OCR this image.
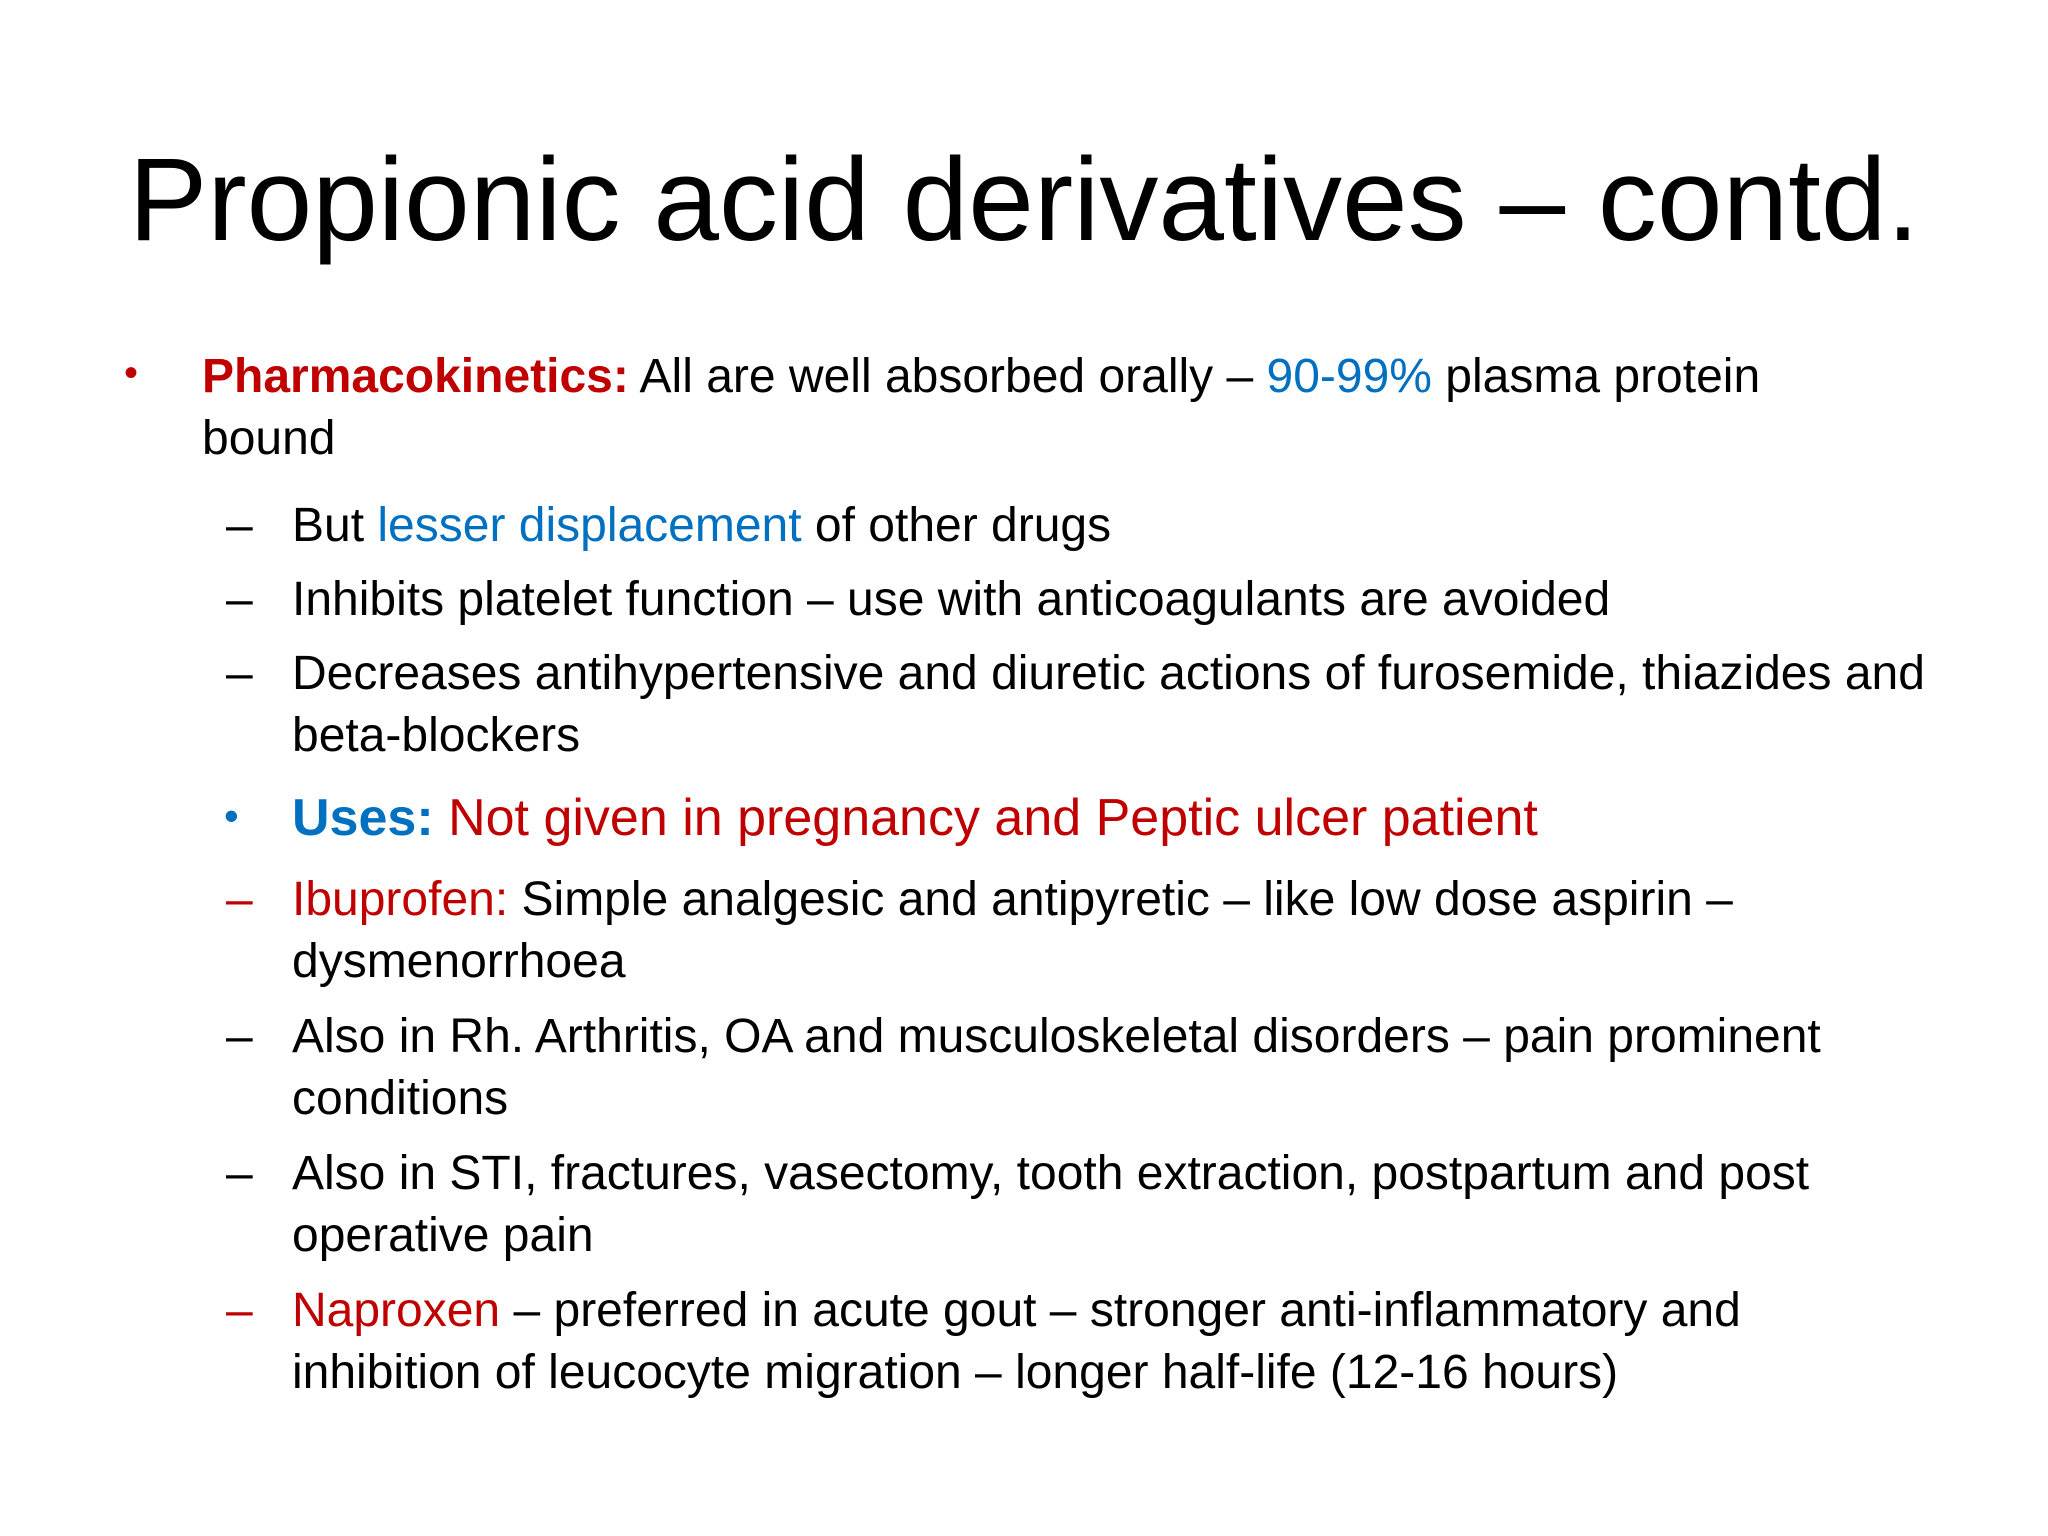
Propionic acid derivatives – contd.
• Pharmacokinetics: All are well absorbed orally – 90-99% plasma protein
bound
– But lesser displacement of other drugs
– Inhibits platelet function – use with anticoagulants are avoided
– Decreases antihypertensive and diuretic actions of furosemide, thiazides and
beta-blockers
• Uses: Not given in pregnancy and Peptic ulcer patient
– Ibuprofen: Simple analgesic and antipyretic – like low dose aspirin –
dysmenorrhoea
– Also in Rh. Arthritis, OA and musculoskeletal disorders – pain prominent
conditions
– Also in STI, fractures, vasectomy, tooth extraction, postpartum and post
operative pain
– Naproxen – preferred in acute gout – stronger anti-inflammatory and
inhibition of leucocyte migration – longer half-life (12-16 hours)
